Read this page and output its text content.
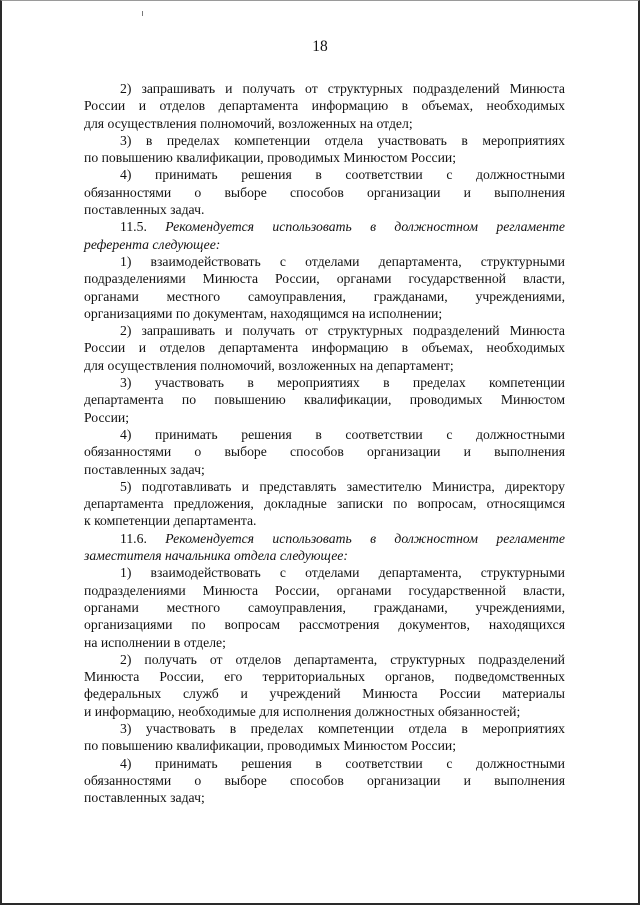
18
2) запрашивать и получать от структурных подразделений Минюста
России и отделов департамента информацию в объемах, необходимых
для осуществления полномочий, возложенных на отдел;
3) в пределах компетенции отдела участвовать в мероприятиях
по повышению квалификации, проводимых Минюстом России;
4) принимать решения в соответствии с должностными
обязанностями о выборе способов организации и выполнения
поставленных задач.
11.5. Рекомендуется использовать в должностном регламенте
референта следующее:
1) взаимодействовать с отделами департамента, структурными
подразделениями Минюста России, органами государственной власти,
органами местного самоуправления, гражданами, учреждениями,
организациями по документам, находящимся на исполнении;
2) запрашивать и получать от структурных подразделений Минюста
России и отделов департамента информацию в объемах, необходимых
для осуществления полномочий, возложенных на департамент;
3) участвовать в мероприятиях в пределах компетенции
департамента по повышению квалификации, проводимых Минюстом
России;
4) принимать решения в соответствии с должностными
обязанностями о выборе способов организации и выполнения
поставленных задач;
5) подготавливать и представлять заместителю Министра, директору
департамента предложения, докладные записки по вопросам, относящимся
к компетенции департамента.
11.6. Рекомендуется использовать в должностном регламенте
заместителя начальника отдела следующее:
1) взаимодействовать с отделами департамента, структурными
подразделениями Минюста России, органами государственной власти,
органами местного самоуправления, гражданами, учреждениями,
организациями по вопросам рассмотрения документов, находящихся
на исполнении в отделе;
2) получать от отделов департамента, структурных подразделений
Минюста России, его территориальных органов, подведомственных
федеральных служб и учреждений Минюста России материалы
и информацию, необходимые для исполнения должностных обязанностей;
3) участвовать в пределах компетенции отдела в мероприятиях
по повышению квалификации, проводимых Минюстом России;
4) принимать решения в соответствии с должностными
обязанностями о выборе способов организации и выполнения
поставленных задач;
